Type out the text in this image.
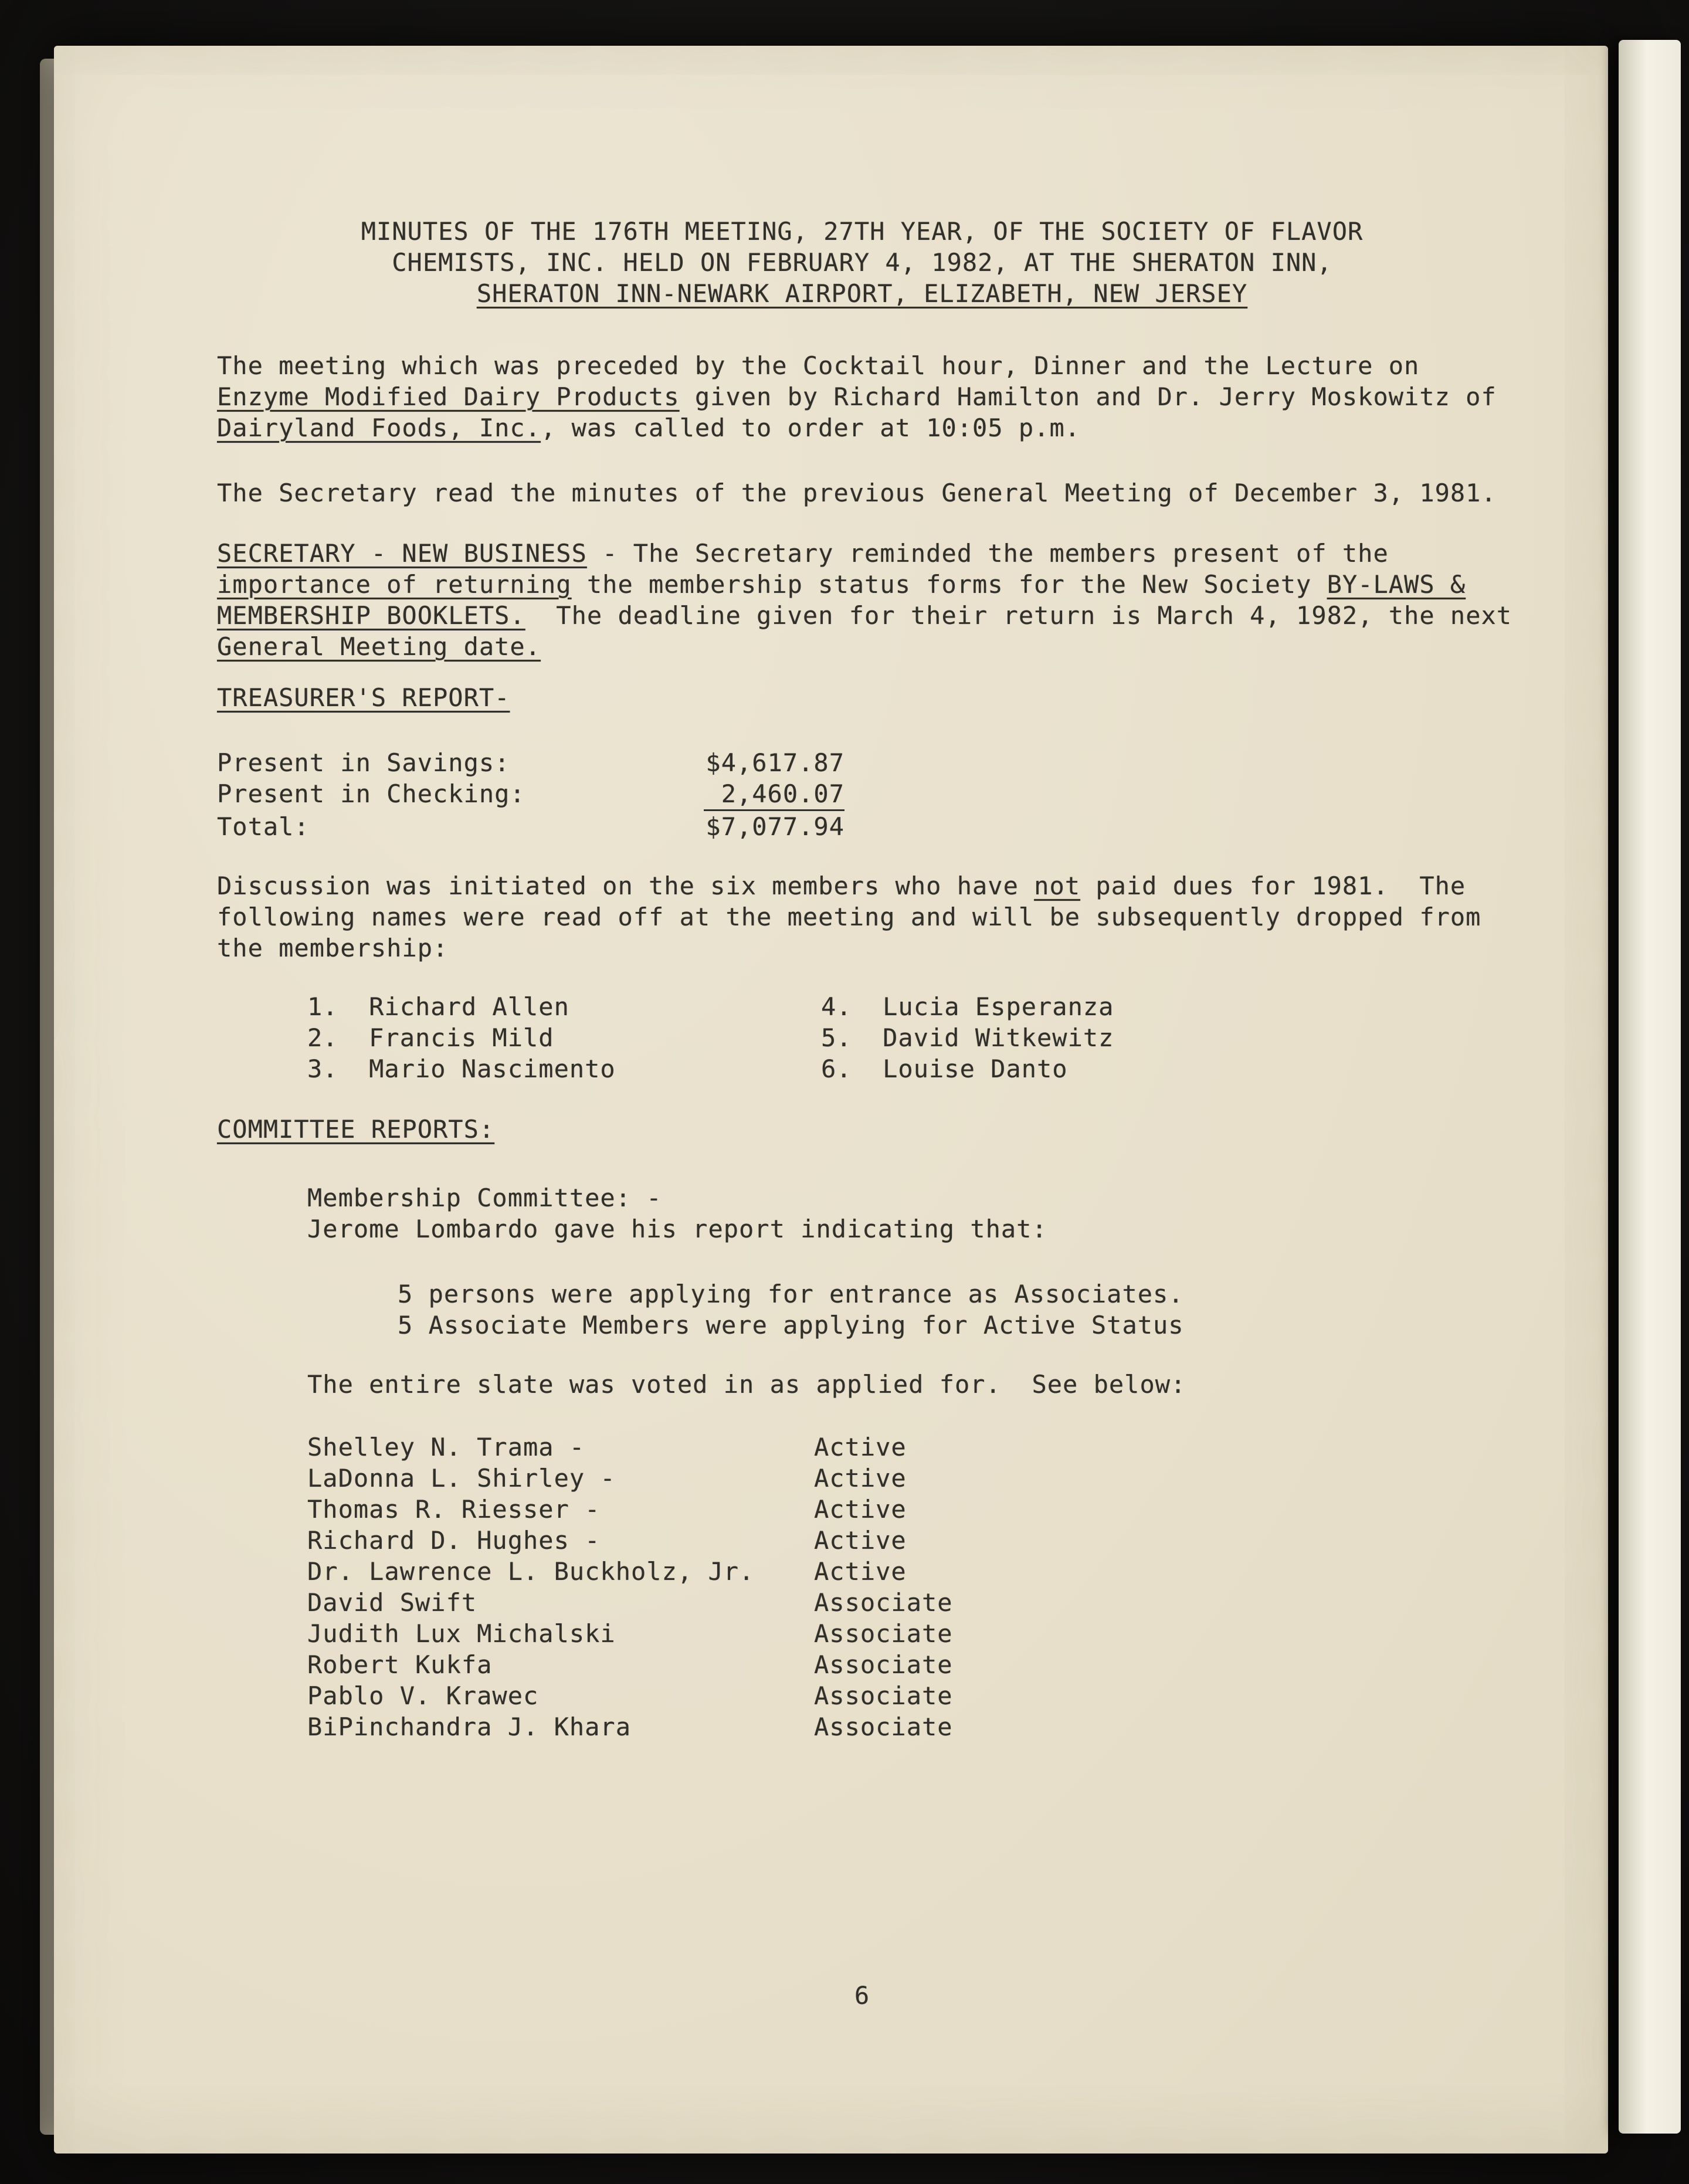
MINUTES OF THE 176TH MEETING, 27TH YEAR, OF THE SOCIETY OF FLAVOR
CHEMISTS, INC. HELD ON FEBRUARY 4, 1982, AT THE SHERATON INN,
SHERATON INN-NEWARK AIRPORT, ELIZABETH, NEW JERSEY
The meeting which was preceded by the Cocktail hour, Dinner and the Lecture on
Enzyme Modified Dairy Products given by Richard Hamilton and Dr. Jerry Moskowitz of
Dairyland Foods, Inc., was called to order at 10:05 p.m.
The Secretary read the minutes of the previous General Meeting of December 3, 1981.
SECRETARY - NEW BUSINESS - The Secretary reminded the members present of the
importance of returning the membership status forms for the New Society BY-LAWS &
MEMBERSHIP BOOKLETS.  The deadline given for their return is March 4, 1982, the next
General Meeting date.
TREASURER'S REPORT-
Present in Savings:	$4,617.87
Present in Checking:	2,460.07
Total:	$7,077.94
Discussion was initiated on the six members who have not paid dues for 1981.  The
following names were read off at the meeting and will be subsequently dropped from
the membership:
1.  Richard Allen	4.  Lucia Esperanza
2.  Francis Mild	5.  David Witkewitz
3.  Mario Nascimento	6.  Louise Danto
COMMITTEE REPORTS:
Membership Committee: -
Jerome Lombardo gave his report indicating that:
5 persons were applying for entrance as Associates.
5 Associate Members were applying for Active Status
The entire slate was voted in as applied for.  See below:
Shelley N. Trama -	Active
LaDonna L. Shirley -	Active
Thomas R. Riesser -	Active
Richard D. Hughes -	Active
Dr. Lawrence L. Buckholz, Jr.	Active
David Swift	Associate
Judith Lux Michalski	Associate
Robert Kukfa	Associate
Pablo V. Krawec	Associate
BiPinchandra J. Khara	Associate
6
